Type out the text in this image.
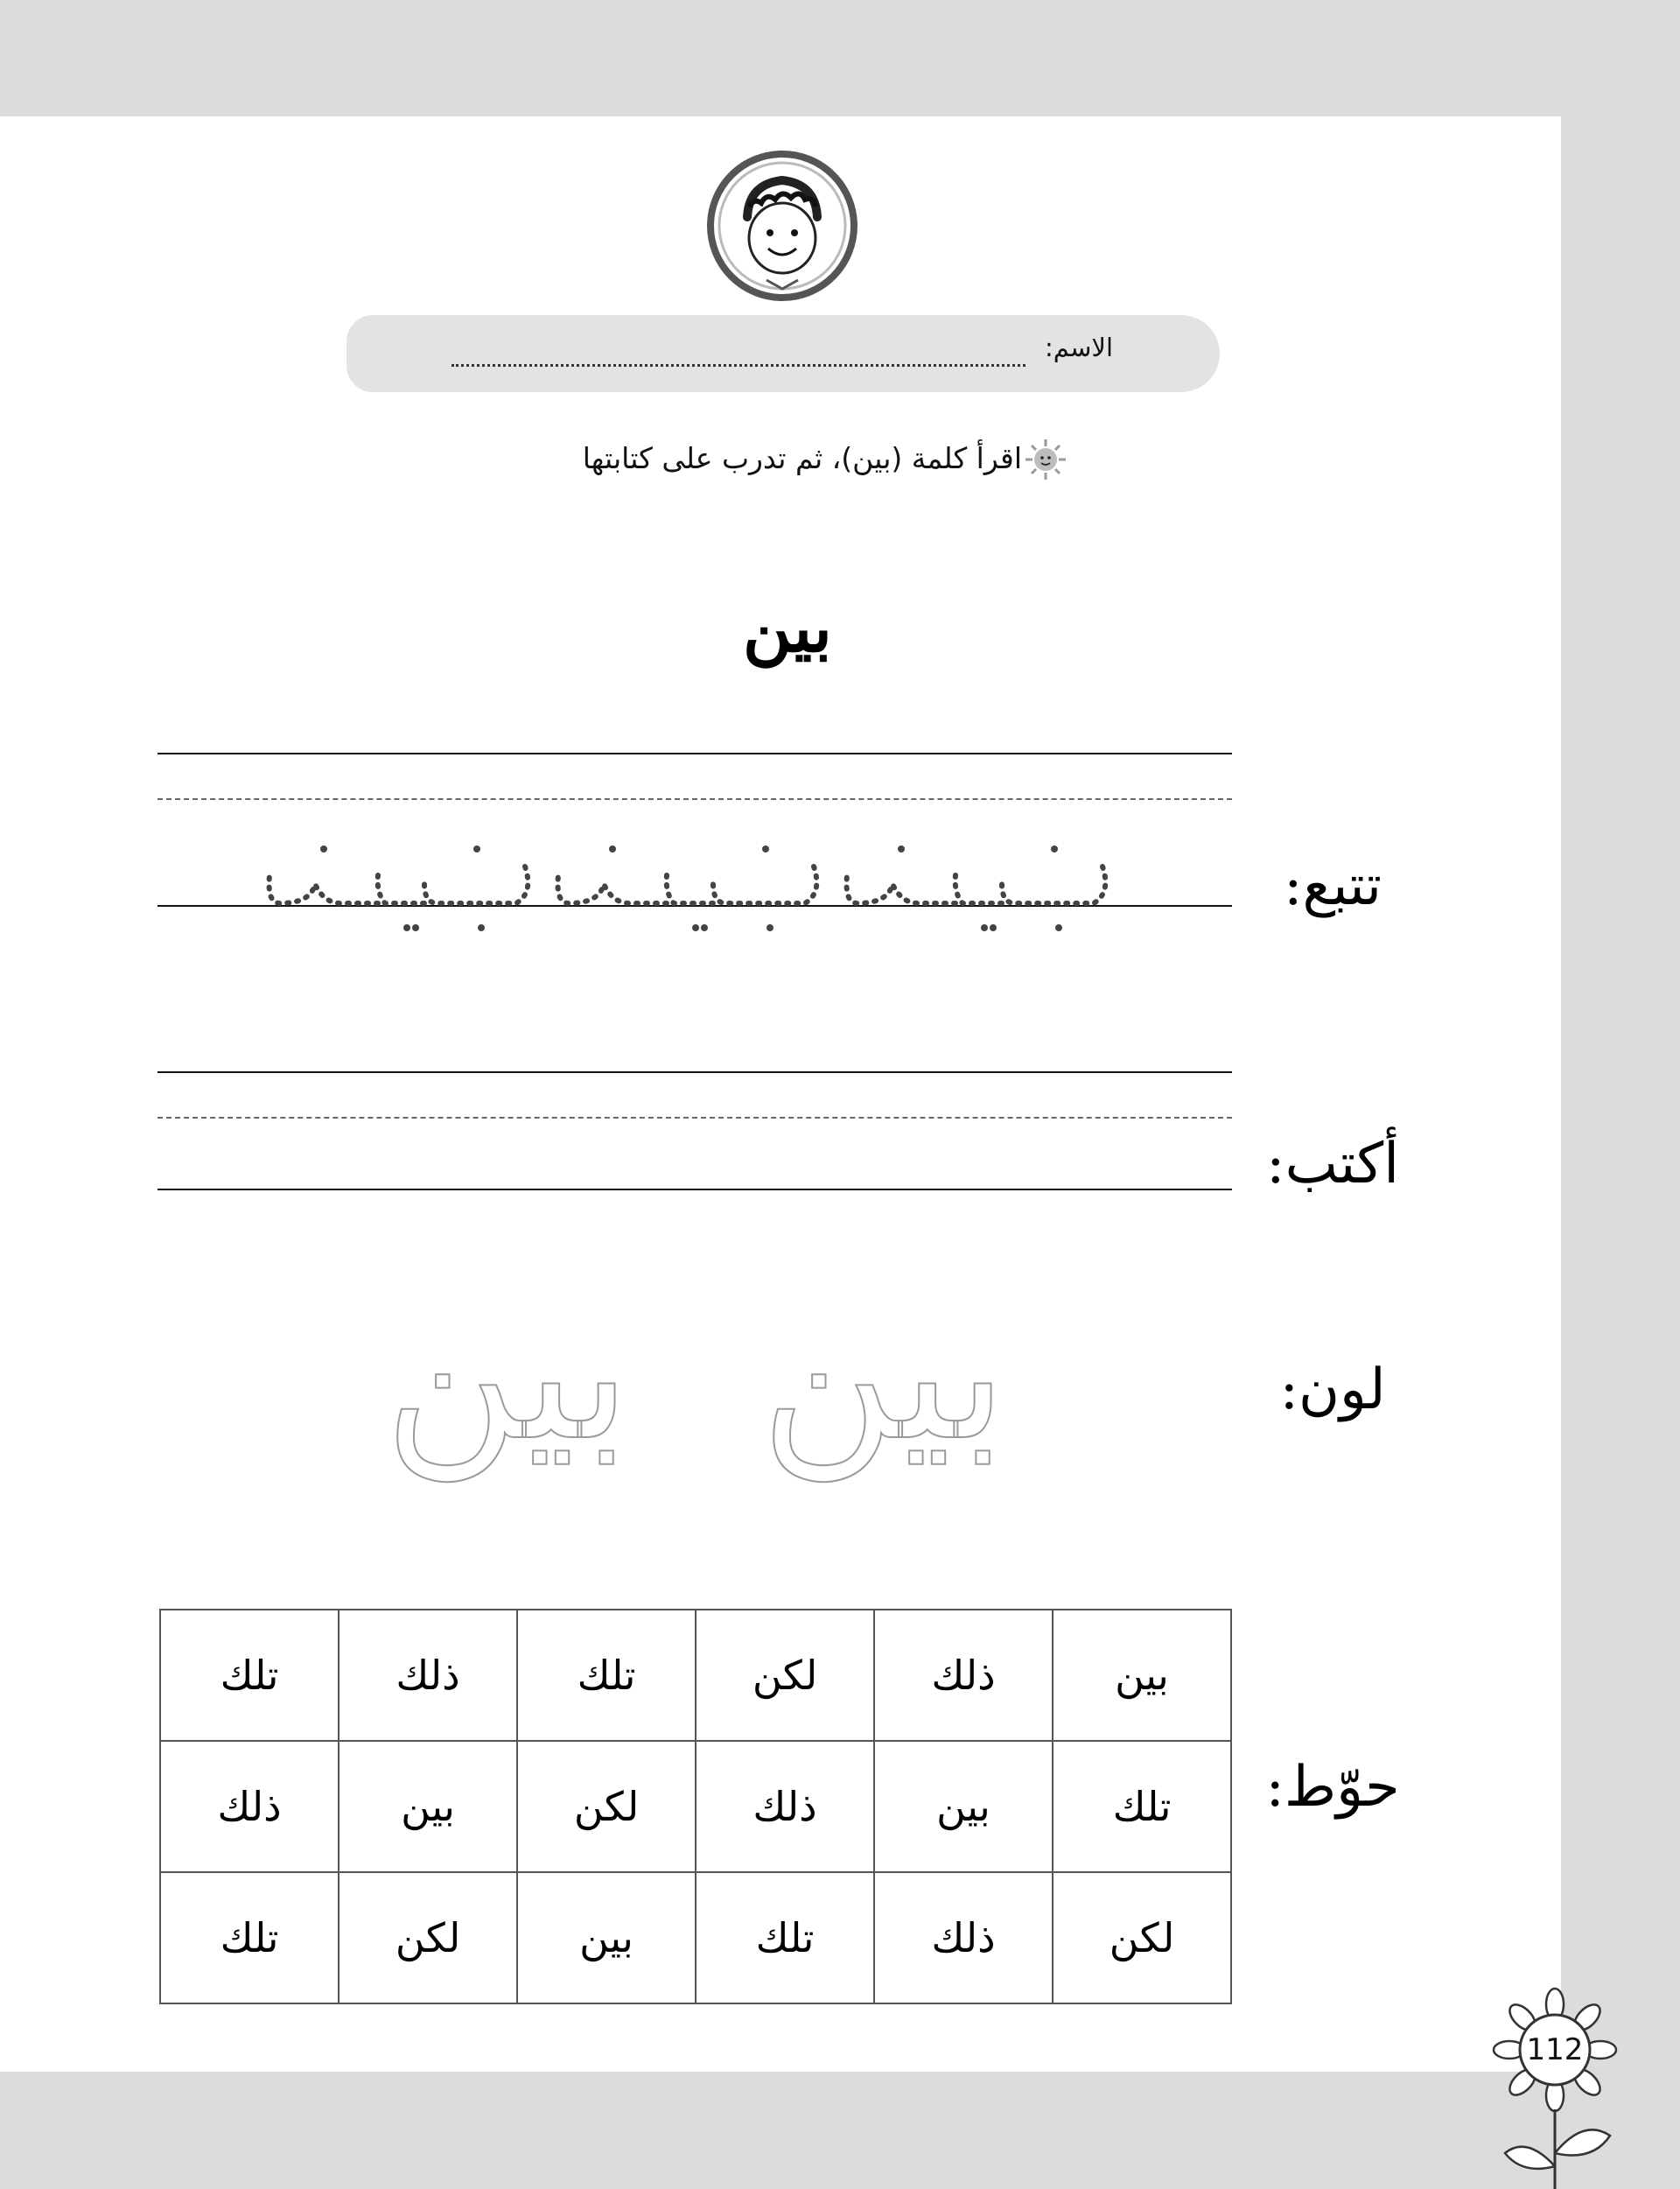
الاسم:
اقرأ كلمة (بين)، ثم تدرب على كتابتها
بين
تتبع:
أكتب:
لون:
بين
بين
حوّط:
بين	ذلك	لكن	تلك	ذلك	تلك
تلك	بين	ذلك	لكن	بين	ذلك
لكن	ذلك	تلك	بين	لكن	تلك
112
